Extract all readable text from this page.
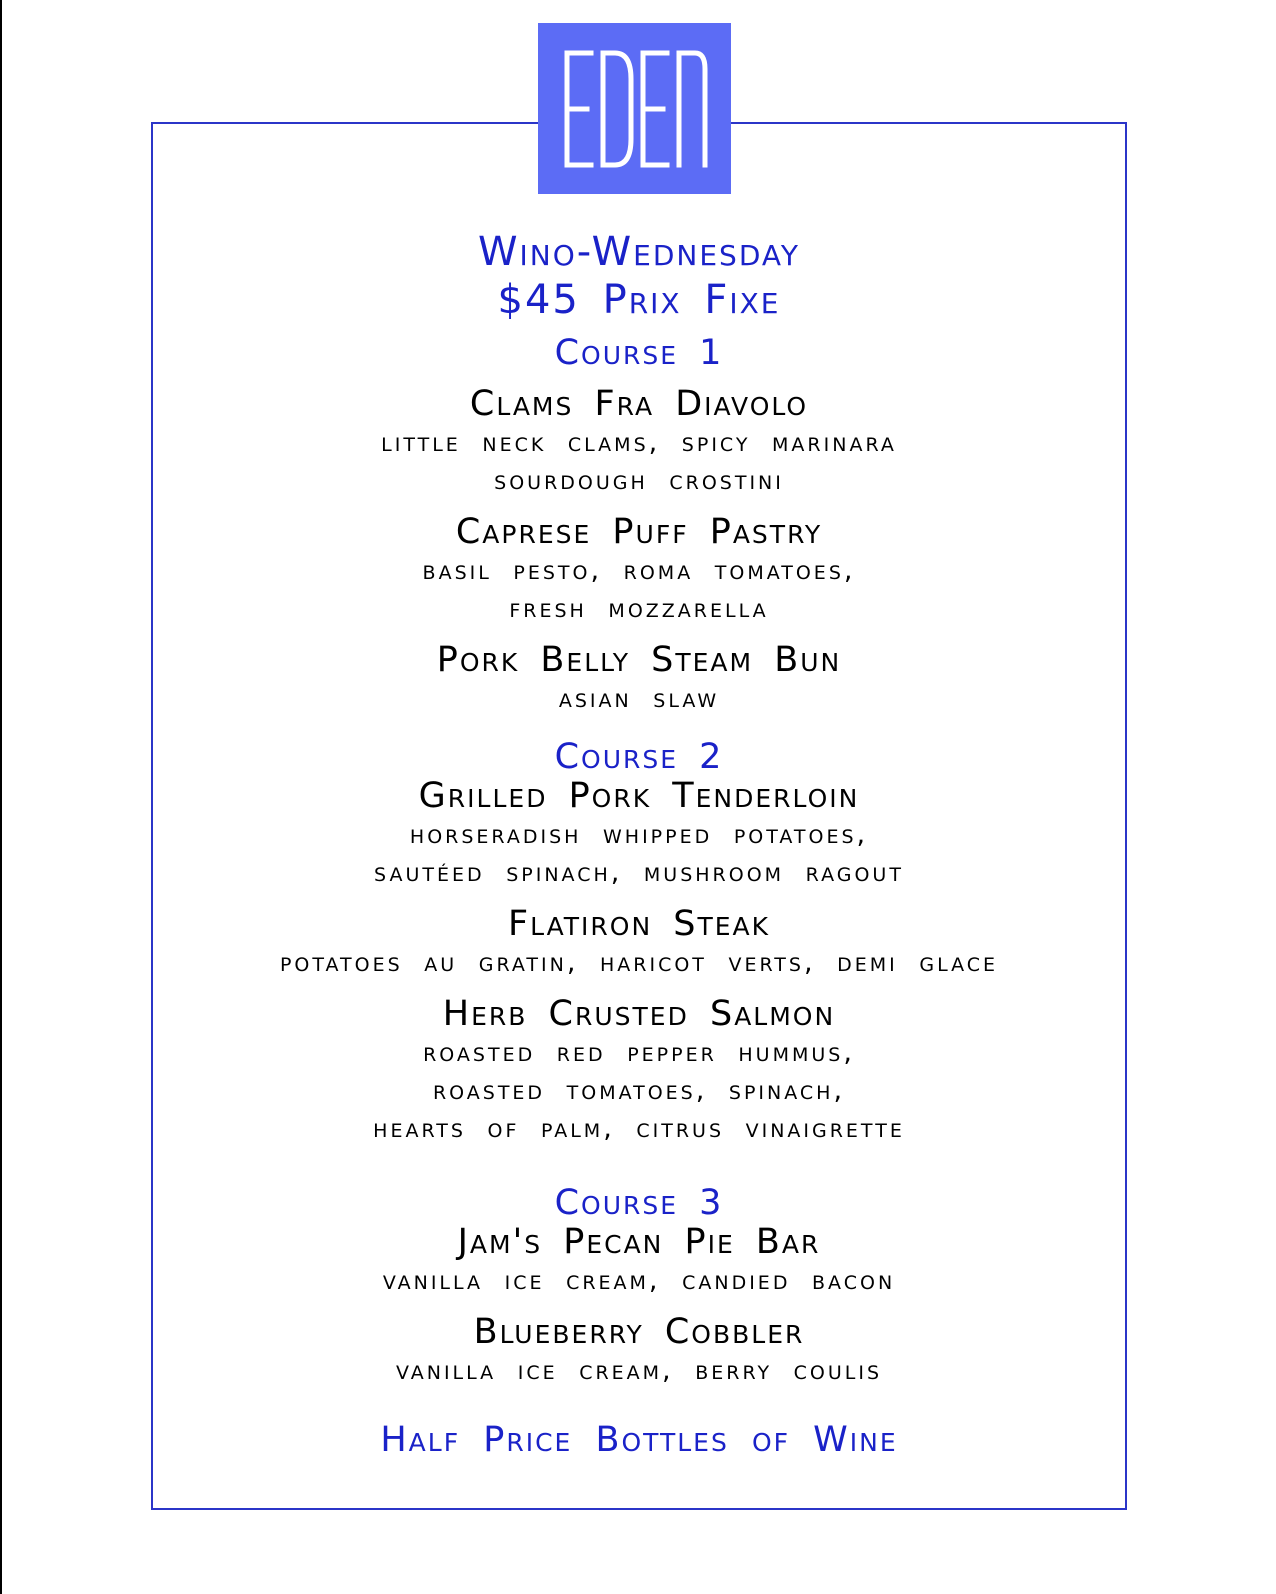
Wino-Wednesday
$45 Prix Fixe
Course 1
Clams Fra Diavolo
little neck clams, spicy marinara
sourdough crostini
Caprese Puff Pastry
basil pesto, roma tomatoes,
fresh mozzarella
Pork Belly Steam Bun
asian slaw
Course 2
Grilled Pork Tenderloin
horseradish whipped potatoes,
sautéed spinach, mushroom ragout
Flatiron Steak
potatoes au gratin, haricot verts, demi glace
Herb Crusted Salmon
roasted red pepper hummus,
roasted tomatoes, spinach,
hearts of palm, citrus vinaigrette
Course 3
Jam's Pecan Pie Bar
vanilla ice cream, candied bacon
Blueberry Cobbler
vanilla ice cream, berry coulis
Half Price Bottles of Wine
